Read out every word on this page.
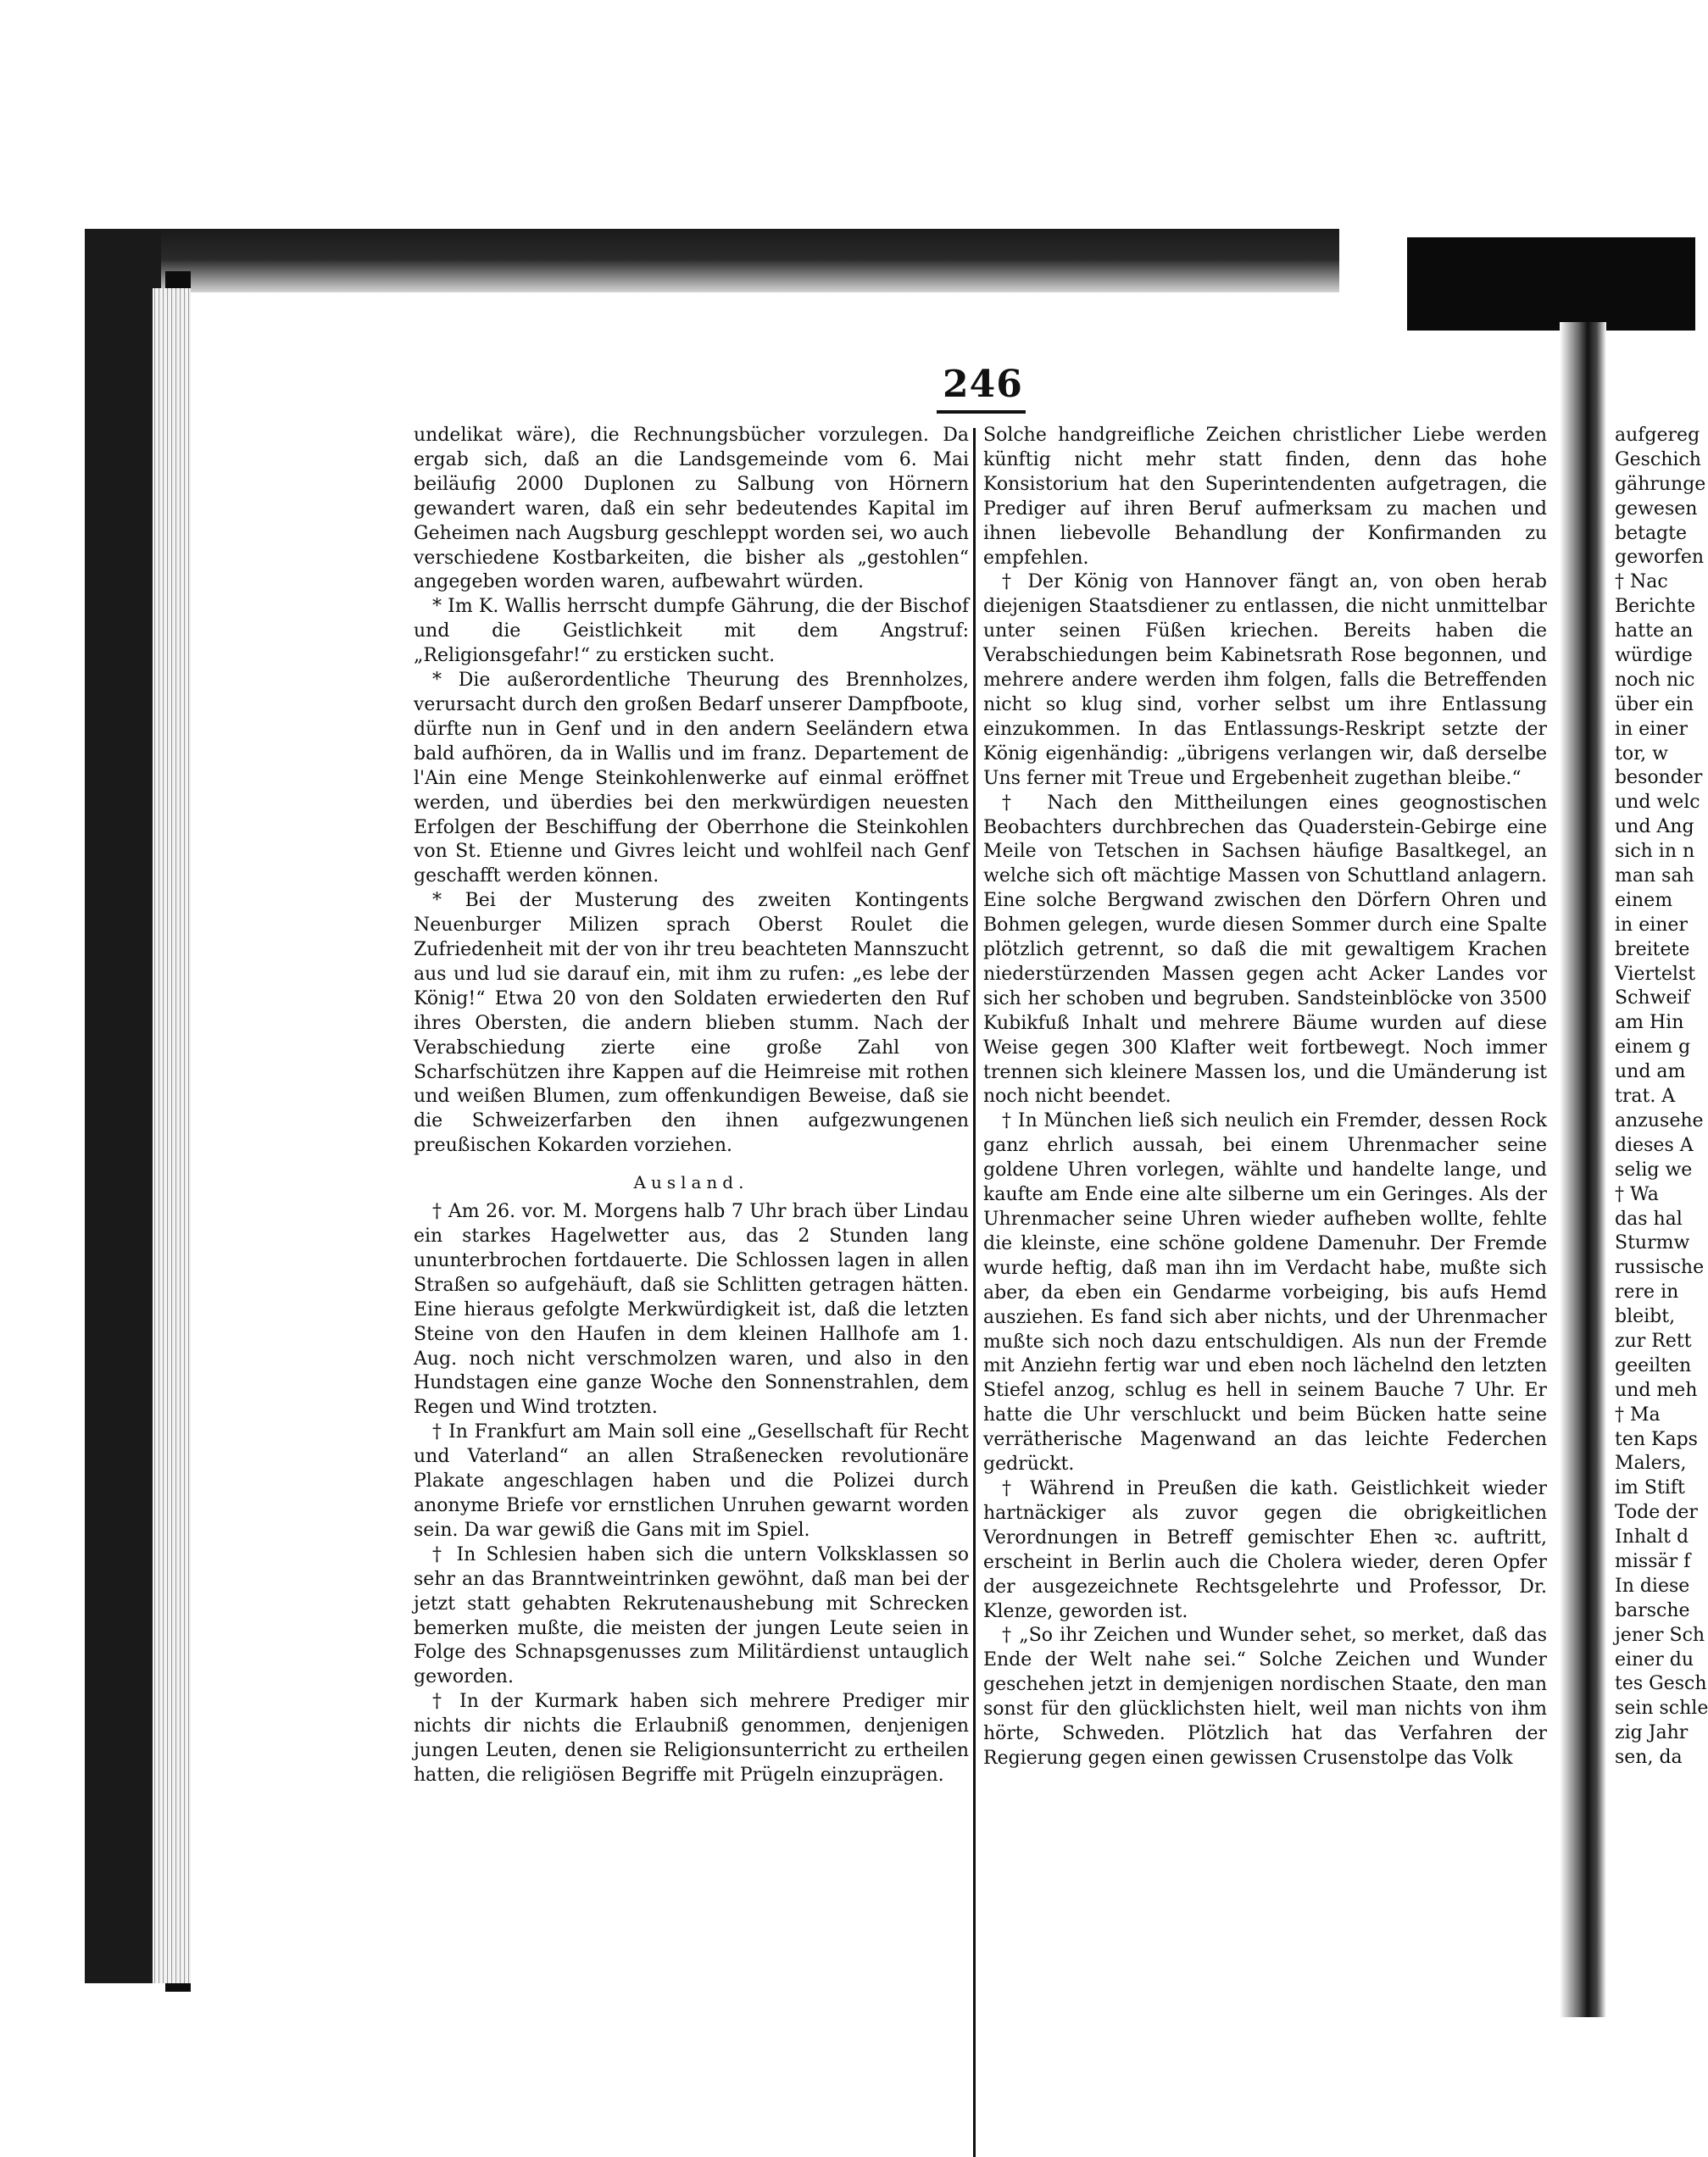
246

undelikat wäre), die Rechnungsbücher vorzulegen. Da ergab sich, daß an die Landsgemeinde vom 6. Mai beiläufig 2000 Duplonen zu Salbung von Hörnern gewandert waren, daß ein sehr bedeutendes Kapital im Geheimen nach Augsburg geschleppt worden sei, wo auch verschiedene Kostbarkeiten, die bisher als „gestohlen“ angegeben worden waren, aufbewahrt würden.

* Im K. Wallis herrscht dumpfe Gährung, die der Bischof und die Geistlichkeit mit dem Angstruf: „Religionsgefahr!“ zu ersticken sucht.

* Die außerordentliche Theurung des Brennholzes, verursacht durch den großen Bedarf unserer Dampfboote, dürfte nun in Genf und in den andern Seeländern etwa bald aufhören, da in Wallis und im franz. Departement de l'Ain eine Menge Steinkohlenwerke auf einmal eröffnet werden, und überdies bei den merkwürdigen neuesten Erfolgen der Beschiffung der Oberrhone die Steinkohlen von St. Etienne und Givres leicht und wohlfeil nach Genf geschafft werden können.

* Bei der Musterung des zweiten Kontingents Neuenburger Milizen sprach Oberst Roulet die Zufriedenheit mit der von ihr treu beachteten Mannszucht aus und lud sie darauf ein, mit ihm zu rufen: „es lebe der König!“ Etwa 20 von den Soldaten erwiederten den Ruf ihres Obersten, die andern blieben stumm. Nach der Verabschiedung zierte eine große Zahl von Scharfschützen ihre Kappen auf die Heimreise mit rothen und weißen Blumen, zum offenkundigen Beweise, daß sie die Schweizerfarben den ihnen aufgezwungenen preußischen Kokarden vorziehen.

Ausland.

† Am 26. vor. M. Morgens halb 7 Uhr brach über Lindau ein starkes Hagelwetter aus, das 2 Stunden lang ununterbrochen fortdauerte. Die Schlossen lagen in allen Straßen so aufgehäuft, daß sie Schlitten getragen hätten. Eine hieraus gefolgte Merkwürdigkeit ist, daß die letzten Steine von den Haufen in dem kleinen Hallhofe am 1. Aug. noch nicht verschmolzen waren, und also in den Hundstagen eine ganze Woche den Sonnenstrahlen, dem Regen und Wind trotzten.

† In Frankfurt am Main soll eine „Gesellschaft für Recht und Vaterland“ an allen Straßenecken revolutionäre Plakate angeschlagen haben und die Polizei durch anonyme Briefe vor ernstlichen Unruhen gewarnt worden sein. Da war gewiß die Gans mit im Spiel.

† In Schlesien haben sich die untern Volksklassen so sehr an das Branntweintrinken gewöhnt, daß man bei der jetzt statt gehabten Rekrutenaushebung mit Schrecken bemerken mußte, die meisten der jungen Leute seien in Folge des Schnapsgenusses zum Militärdienst untauglich geworden.

† In der Kurmark haben sich mehrere Prediger mir nichts dir nichts die Erlaubniß genommen, denjenigen jungen Leuten, denen sie Religionsunterricht zu ertheilen hatten, die religiösen Begriffe mit Prügeln einzuprägen.

Solche handgreifliche Zeichen christlicher Liebe werden künftig nicht mehr statt finden, denn das hohe Konsistorium hat den Superintendenten aufgetragen, die Prediger auf ihren Beruf aufmerksam zu machen und ihnen liebevolle Behandlung der Konfirmanden zu empfehlen.

† Der König von Hannover fängt an, von oben herab diejenigen Staatsdiener zu entlassen, die nicht unmittelbar unter seinen Füßen kriechen. Bereits haben die Verabschiedungen beim Kabinetsrath Rose begonnen, und mehrere andere werden ihm folgen, falls die Betreffenden nicht so klug sind, vorher selbst um ihre Entlassung einzukommen. In das Entlassungs-Reskript setzte der König eigenhändig: „übrigens verlangen wir, daß derselbe Uns ferner mit Treue und Ergebenheit zugethan bleibe.“

† Nach den Mittheilungen eines geognostischen Beobachters durchbrechen das Quaderstein-Gebirge eine Meile von Tetschen in Sachsen häufige Basaltkegel, an welche sich oft mächtige Massen von Schuttland anlagern. Eine solche Bergwand zwischen den Dörfern Ohren und Bohmen gelegen, wurde diesen Sommer durch eine Spalte plötzlich getrennt, so daß die mit gewaltigem Krachen niederstürzenden Massen gegen acht Acker Landes vor sich her schoben und begruben. Sandsteinblöcke von 3500 Kubikfuß Inhalt und mehrere Bäume wurden auf diese Weise gegen 300 Klafter weit fortbewegt. Noch immer trennen sich kleinere Massen los, und die Umänderung ist noch nicht beendet.

† In München ließ sich neulich ein Fremder, dessen Rock ganz ehrlich aussah, bei einem Uhrenmacher seine goldene Uhren vorlegen, wählte und handelte lange, und kaufte am Ende eine alte silberne um ein Geringes. Als der Uhrenmacher seine Uhren wieder aufheben wollte, fehlte die kleinste, eine schöne goldene Damenuhr. Der Fremde wurde heftig, daß man ihn im Verdacht habe, mußte sich aber, da eben ein Gendarme vorbeiging, bis aufs Hemd ausziehen. Es fand sich aber nichts, und der Uhrenmacher mußte sich noch dazu entschuldigen. Als nun der Fremde mit Anziehn fertig war und eben noch lächelnd den letzten Stiefel anzog, schlug es hell in seinem Bauche 7 Uhr. Er hatte die Uhr verschluckt und beim Bücken hatte seine verrätherische Magenwand an das leichte Federchen gedrückt.

† Während in Preußen die kath. Geistlichkeit wieder hartnäckiger als zuvor gegen die obrigkeitlichen Verordnungen in Betreff gemischter Ehen ꝛc. auftritt, erscheint in Berlin auch die Cholera wieder, deren Opfer der ausgezeichnete Rechtsgelehrte und Professor, Dr. Klenze, geworden ist.

† „So ihr Zeichen und Wunder sehet, so merket, daß das Ende der Welt nahe sei.“ Solche Zeichen und Wunder geschehen jetzt in demjenigen nordischen Staate, den man sonst für den glücklichsten hielt, weil man nichts von ihm hörte, Schweden. Plötzlich hat das Verfahren der Regierung gegen einen gewissen Crusenstolpe das Volk

aufgereg
Geschich
gährunge
gewesen
betagte
geworfen
† Nac
Berichte
hatte an
würdige
noch nic
über ein
in einer
tor, w
besonder
und welc
und Ang
sich in n
man sah
einem
in einer
breitete
Viertelst
Schweif
am Hin
einem g
und am
trat. A
anzusehe
dieses A
selig we
† Wa
das hal
Sturmw
russische
rere in
bleibt,
zur Rett
geeilten
und meh
† Ma
ten Kaps
Malers,
im Stift
Tode der
Inhalt d
missär f
In diese
barsche
jener Sch
einer du
tes Gesch
sein schle
zig Jahr
sen, da
